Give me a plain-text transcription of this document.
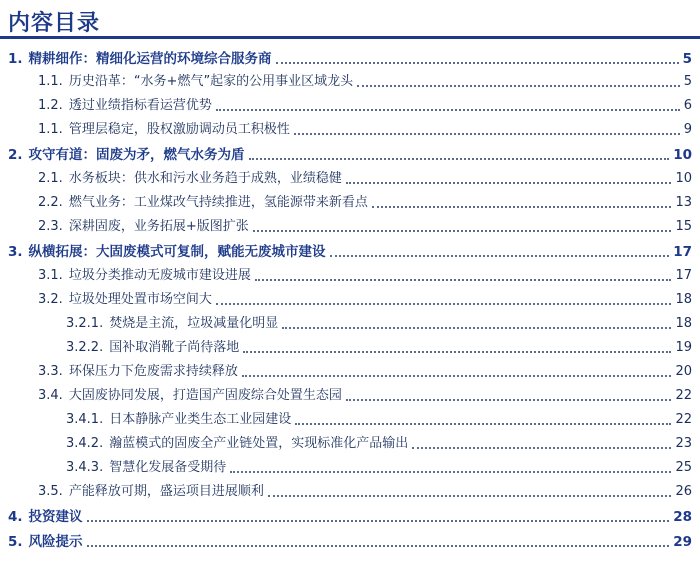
内容目录
1. 精耕细作：精细化运营的环境综合服务商	5
1.1. 历史沿革：“水务+燃气”起家的公用事业区域龙头	5
1.2. 透过业绩指标看运营优势	6
1.1. 管理层稳定，股权激励调动员工积极性	9
2. 攻守有道：固废为矛，燃气水务为盾	10
2.1. 水务板块：供水和污水业务趋于成熟，业绩稳健	10
2.2. 燃气业务：工业煤改气持续推进，氢能源带来新看点	13
2.3. 深耕固废，业务拓展+版图扩张	15
3. 纵横拓展：大固废模式可复制，赋能无废城市建设	17
3.1. 垃圾分类推动无废城市建设进展	17
3.2. 垃圾处理处置市场空间大	18
3.2.1. 焚烧是主流，垃圾减量化明显	18
3.2.2. 国补取消靴子尚待落地	19
3.3. 环保压力下危废需求持续释放	20
3.4. 大固废协同发展，打造国产固废综合处置生态园	22
3.4.1. 日本静脉产业类生态工业园建设	22
3.4.2. 瀚蓝模式的固废全产业链处置，实现标准化产品输出	23
3.4.3. 智慧化发展备受期待	25
3.5. 产能释放可期，盛运项目进展顺利	26
4. 投资建议	28
5. 风险提示	29
